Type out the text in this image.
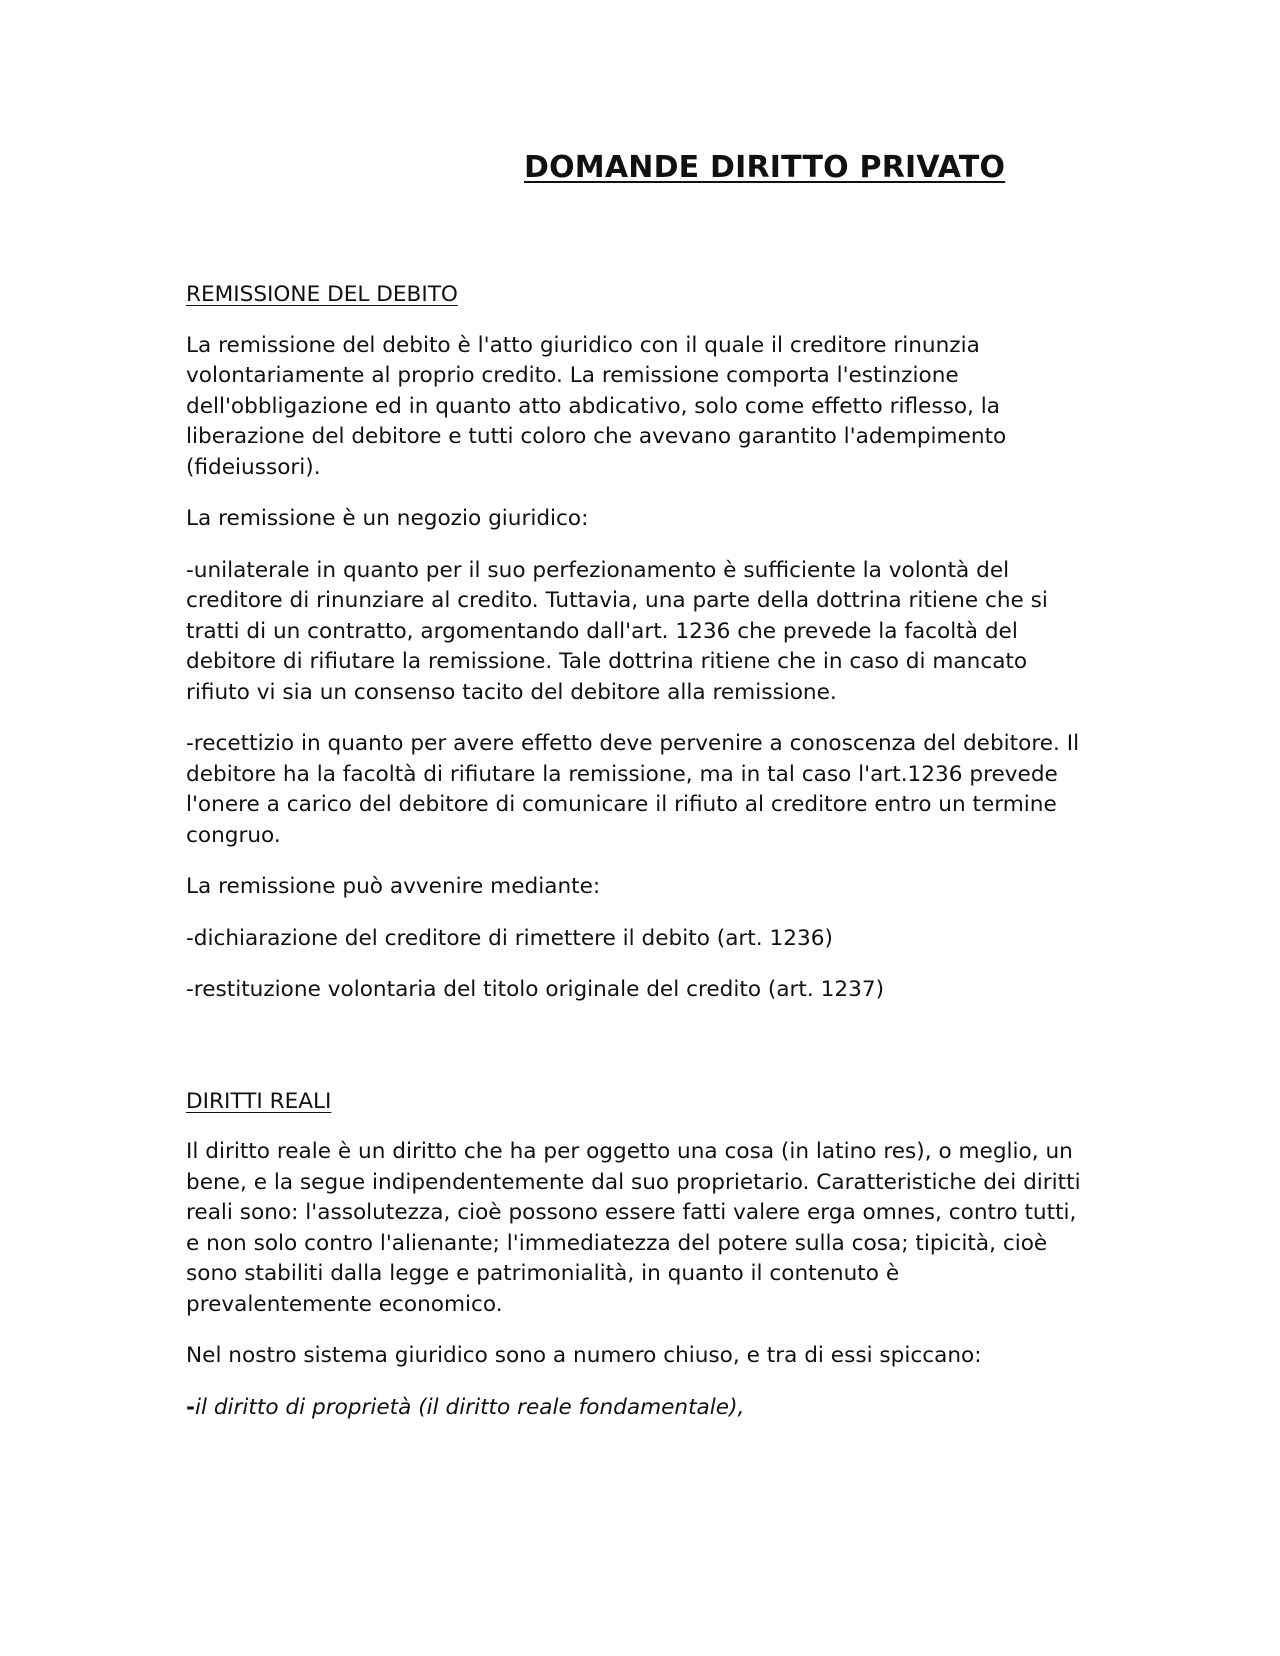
DOMANDE DIRITTO PRIVATO
REMISSIONE DEL DEBITO

La remissione del debito è l'atto giuridico con il quale il creditore rinunzia volontariamente al proprio credito. La remissione comporta l'estinzione dell'obbligazione ed in quanto atto abdicativo, solo come effetto riflesso, la liberazione del debitore e tutti coloro che avevano garantito l'adempimento (fideiussori).

La remissione è un negozio giuridico:

-unilaterale in quanto per il suo perfezionamento è sufficiente la volontà del creditore di rinunziare al credito. Tuttavia, una parte della dottrina ritiene che si tratti di un contratto, argomentando dall'art. 1236 che prevede la facoltà del debitore di rifiutare la remissione. Tale dottrina ritiene che in caso di mancato rifiuto vi sia un consenso tacito del debitore alla remissione.

-recettizio in quanto per avere effetto deve pervenire a conoscenza del debitore. Il debitore ha la facoltà di rifiutare la remissione, ma in tal caso l'art.1236 prevede l'onere a carico del debitore di comunicare il rifiuto al creditore entro un termine congruo.

La remissione può avvenire mediante:

-dichiarazione del creditore di rimettere il debito (art. 1236)

-restituzione volontaria del titolo originale del credito (art. 1237)

DIRITTI REALI

Il diritto reale è un diritto che ha per oggetto una cosa (in latino res), o meglio, un bene, e la segue indipendentemente dal suo proprietario. Caratteristiche dei diritti reali sono: l'assolutezza, cioè possono essere fatti valere erga omnes, contro tutti, e non solo contro l'alienante; l'immediatezza del potere sulla cosa; tipicità, cioè sono stabiliti dalla legge e patrimonialità, in quanto il contenuto è prevalentemente economico.

Nel nostro sistema giuridico sono a numero chiuso, e tra di essi spiccano:

-il diritto di proprietà (il diritto reale fondamentale),
